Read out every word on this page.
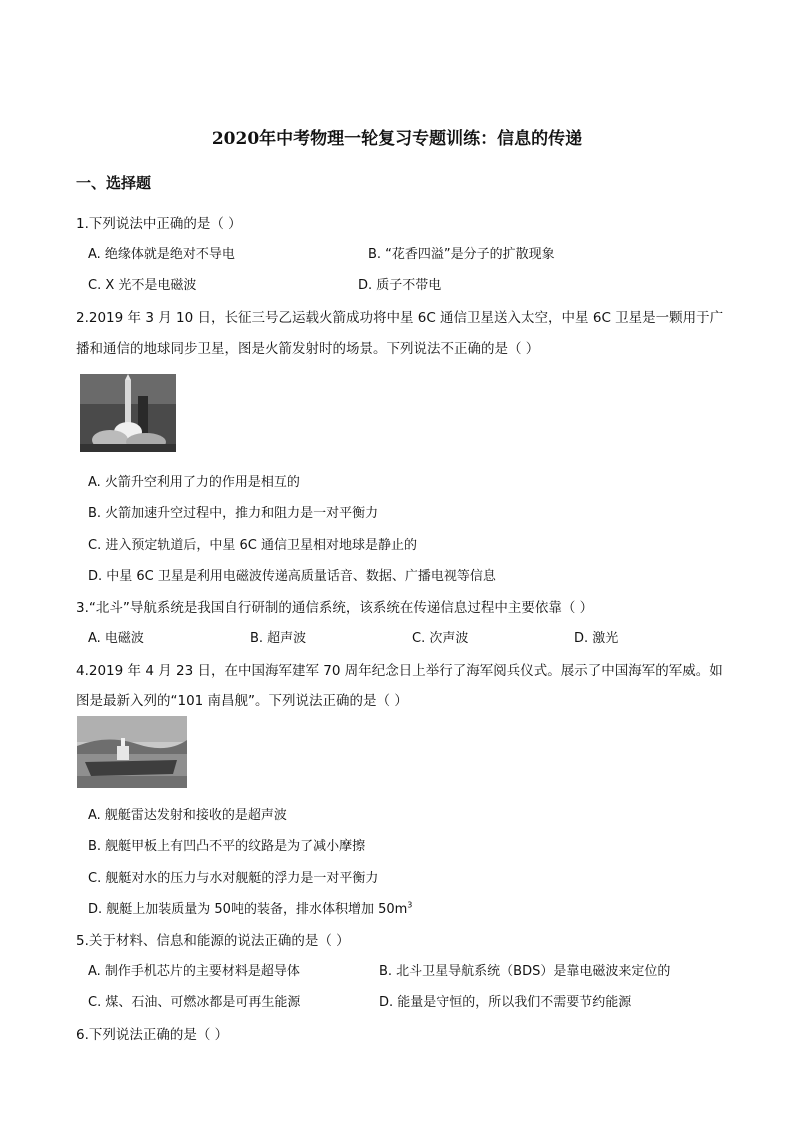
2020年中考物理一轮复习专题训练：信息的传递
一、选择题
1.下列说法中正确的是（ ）
A. 绝缘体就是绝对不导电	B. “花香四溢”是分子的扩散现象
C. X 光不是电磁波	D. 质子不带电
2.2019 年 3 月 10 日，长征三号乙运载火箭成功将中星 6C 通信卫星送入太空，中星 6C 卫星是一颗用于广
播和通信的地球同步卫星，图是火箭发射时的场景。下列说法不正确的是（ ）
A. 火箭升空利用了力的作用是相互的
B. 火箭加速升空过程中，推力和阻力是一对平衡力
C. 进入预定轨道后，中星 6C 通信卫星相对地球是静止的
D. 中星 6C 卫星是利用电磁波传递高质量话音、数据、广播电视等信息
3.“北斗”导航系统是我国自行研制的通信系统，该系统在传递信息过程中主要依靠（ ）
A. 电磁波	B. 超声波	C. 次声波	D. 激光
4.2019 年 4 月 23 日，在中国海军建军 70 周年纪念日上举行了海军阅兵仪式。展示了中国海军的军威。如
图是最新入列的“101 南昌舰”。下列说法正确的是（ ）
A. 舰艇雷达发射和接收的是超声波
B. 舰艇甲板上有凹凸不平的纹路是为了减小摩擦
C. 舰艇对水的压力与水对舰艇的浮力是一对平衡力
D. 舰艇上加装质量为 50吨的装备，排水体积增加 $50m^3$
5.关于材料、信息和能源的说法正确的是（ ）
A. 制作手机芯片的主要材料是超导体	B. 北斗卫星导航系统（BDS）是靠电磁波来定位的
C. 煤、石油、可燃冰都是可再生能源	D. 能量是守恒的，所以我们不需要节约能源
6.下列说法正确的是（ ）
